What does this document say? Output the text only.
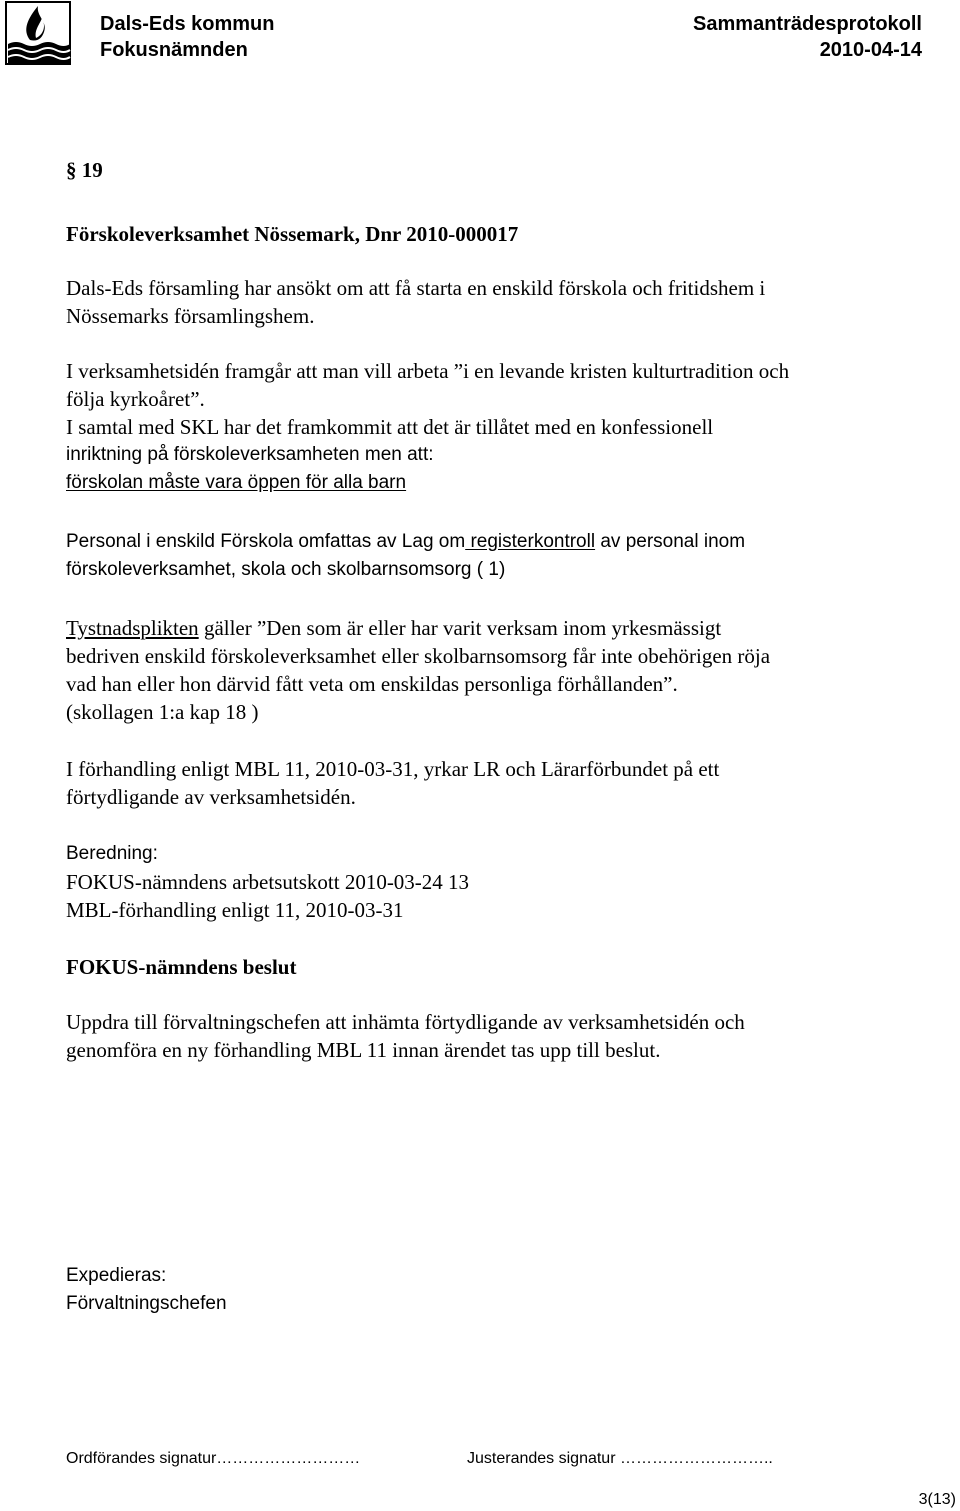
Dals-Eds kommun
Fokusnämnden
Sammanträdesprotokoll
2010-04-14
§ 19
Förskoleverksamhet Nössemark, Dnr 2010-000017
Dals-Eds församling har ansökt om att få starta en enskild förskola och fritidshem i
Nössemarks församlingshem.
I verksamhetsidén framgår att man vill arbeta ”i en levande kristen kulturtradition och
följa kyrkoåret”.
I samtal med SKL har det framkommit att det är tillåtet med en konfessionell
inriktning på förskoleverksamheten men att:
förskolan måste vara öppen för alla barn
Personal i enskild Förskola omfattas av Lag om registerkontroll av personal inom
förskoleverksamhet, skola och skolbarnsomsorg ( 1)
Tystnadsplikten gäller ”Den som är eller har varit verksam inom yrkesmässigt
bedriven enskild förskoleverksamhet eller skolbarnsomsorg får inte obehörigen röja
vad han eller hon därvid fått veta om enskildas personliga förhållanden”.
(skollagen 1:a kap 18 )
I förhandling enligt MBL 11, 2010-03-31, yrkar LR och Lärarförbundet på ett
förtydligande av verksamhetsidén.
Beredning:
FOKUS-nämndens arbetsutskott 2010-03-24 13
MBL-förhandling enligt 11, 2010-03-31
FOKUS-nämndens beslut
Uppdra till förvaltningschefen att inhämta förtydligande av verksamhetsidén och
genomföra en ny förhandling MBL 11 innan ärendet tas upp till beslut.
Expedieras:
Förvaltningschefen
Ordförandes signatur………………………	Justerandes signatur ………………………..
3(13)
